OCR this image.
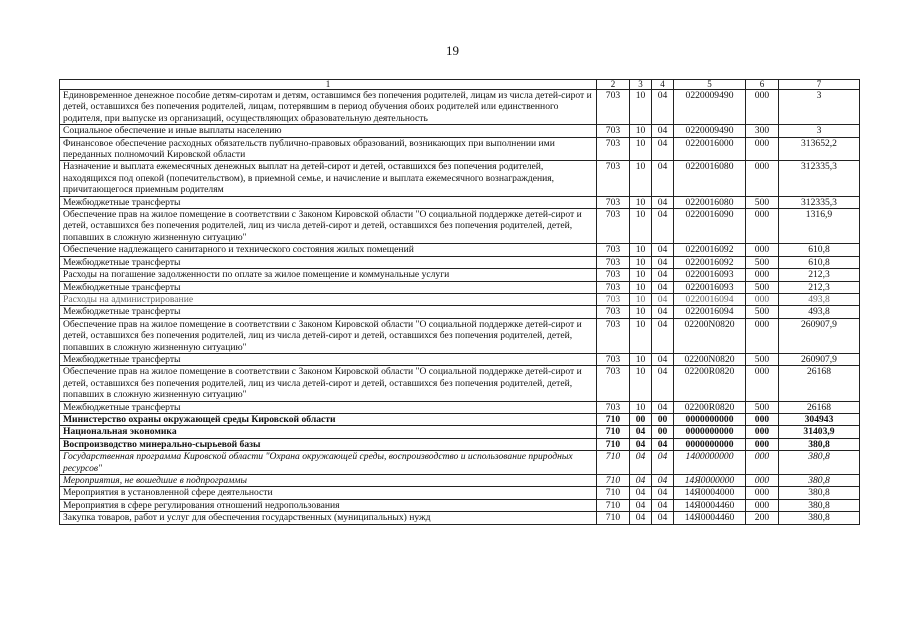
19
1	2	3	4	5	6	7
Единовременное денежное пособие детям-сиротам и детям, оставшимся без попечения родителей, лицам из числа детей-сирот и детей, оставшихся без попечения родителей, лицам, потерявшим в период обучения обоих родителей или единственного родителя, при выпуске из организаций, осуществляющих образовательную деятельность	703	10	04	0220009490	000	3
Социальное обеспечение и иные выплаты населению	703	10	04	0220009490	300	3
Финансовое обеспечение расходных обязательств публично-правовых образований, возникающих при выполнении ими переданных полномочий Кировской области	703	10	04	0220016000	000	313652,2
Назначение и выплата ежемесячных денежных выплат на детей-сирот и детей, оставшихся без попечения родителей, находящихся под опекой (попечительством), в приемной семье, и начисление и выплата ежемесячного вознаграждения, причитающегося приемным родителям	703	10	04	0220016080	000	312335,3
Межбюджетные трансферты	703	10	04	0220016080	500	312335,3
Обеспечение прав на жилое помещение в соответствии с Законом Кировской области "О социальной поддержке детей-сирот и детей, оставшихся без попечения родителей, лиц из числа детей-сирот и детей, оставшихся без попечения родителей, детей, попавших в сложную жизненную ситуацию"	703	10	04	0220016090	000	1316,9
Обеспечение надлежащего санитарного и технического состояния жилых помещений	703	10	04	0220016092	000	610,8
Межбюджетные трансферты	703	10	04	0220016092	500	610,8
Расходы на погашение задолженности по оплате за жилое помещение и коммунальные услуги	703	10	04	0220016093	000	212,3
Межбюджетные трансферты	703	10	04	0220016093	500	212,3
Расходы на администрирование	703	10	04	0220016094	000	493,8
Межбюджетные трансферты	703	10	04	0220016094	500	493,8
Обеспечение прав на жилое помещение в соответствии с Законом Кировской области "О социальной поддержке детей-сирот и детей, оставшихся без попечения родителей, лиц из числа детей-сирот и детей, оставшихся без попечения родителей, детей, попавших в сложную жизненную ситуацию"	703	10	04	02200N0820	000	260907,9
Межбюджетные трансферты	703	10	04	02200N0820	500	260907,9
Обеспечение прав на жилое помещение в соответствии с Законом Кировской области "О социальной поддержке детей-сирот и детей, оставшихся без попечения родителей, лиц из числа детей-сирот и детей, оставшихся без попечения родителей, детей, попавших в сложную жизненную ситуацию"	703	10	04	02200R0820	000	26168
Межбюджетные трансферты	703	10	04	02200R0820	500	26168
Министерство охраны окружающей среды Кировской области	710	00	00	0000000000	000	304943
Национальная экономика	710	04	00	0000000000	000	31403,9
Воспроизводство минерально-сырьевой базы	710	04	04	0000000000	000	380,8
Государственная программа Кировской области "Охрана окружающей среды, воспроизводство и использование природных ресурсов"	710	04	04	1400000000	000	380,8
Мероприятия, не вошедшие в подпрограммы	710	04	04	14Я0000000	000	380,8
Мероприятия в установленной сфере деятельности	710	04	04	14Я0004000	000	380,8
Мероприятия в сфере регулирования отношений недропользования	710	04	04	14Я0004460	000	380,8
Закупка товаров, работ и услуг для обеспечения государственных (муниципальных) нужд	710	04	04	14Я0004460	200	380,8
